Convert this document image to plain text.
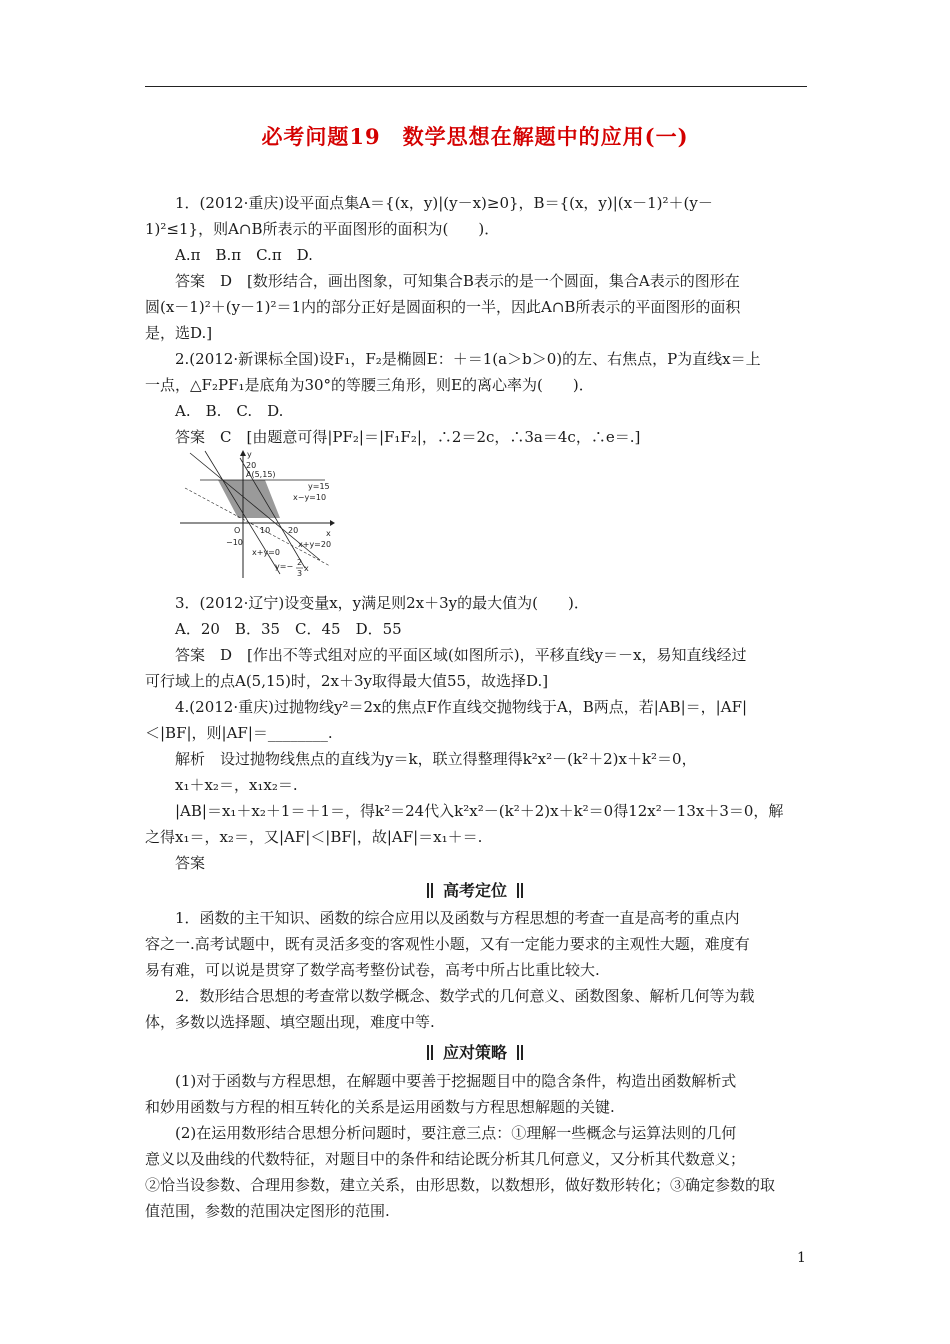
必考问题19　数学思想在解题中的应用(一)
1．(2012·重庆)设平面点集A＝{(x，y)|(y－x)≥0}，B＝{(x，y)|(x－1)²＋(y－
1)²≤1}，则A∩B所表示的平面图形的面积为(　　)．
A.π　B.π　C.π　D.
答案　D　[数形结合，画出图象，可知集合B表示的是一个圆面，集合A表示的图形在
圆(x－1)²＋(y－1)²＝1内的部分正好是圆面积的一半，因此A∩B所表示的平面图形的面积
是，选D.]
2.(2012·新课标全国)设F₁，F₂是椭圆E：＋＝1(a＞b＞0)的左、右焦点，P为直线x＝上
一点，△F₂PF₁是底角为30°的等腰三角形，则E的离心率为(　　)．
A.　B.　C.　D.
答案　C　[由题意可得|PF₂|＝|F₁F₂|，∴2＝2c，∴3a＝4c，∴e＝.]
y
x
O
A(5,15)
20
10 20
−10
y=15
x−y=10
x+y=20
x+y=0
y=− 2
3
x
3．(2012·辽宁)设变量x，y满足则2x＋3y的最大值为(　　)．
A．20　B．35　C．45　D．55
答案　D　[作出不等式组对应的平面区域(如图所示)，平移直线y＝－x，易知直线经过
可行域上的点A(5,15)时，2x＋3y取得最大值55，故选择D.]
4.(2012·重庆)过抛物线y²＝2x的焦点F作直线交抛物线于A，B两点，若|AB|＝，|AF|
＜|BF|，则|AF|＝________.
解析　设过抛物线焦点的直线为y＝k，联立得整理得k²x²－(k²＋2)x＋k²＝0，
x₁＋x₂＝，x₁x₂＝.
|AB|＝x₁＋x₂＋1＝＋1＝，得k²＝24代入k²x²－(k²＋2)x＋k²＝0得12x²－13x＋3＝0，解
之得x₁＝，x₂＝，又|AF|＜|BF|，故|AF|＝x₁＋＝.
答案
高考定位
1．函数的主干知识、函数的综合应用以及函数与方程思想的考查一直是高考的重点内
容之一.高考试题中，既有灵活多变的客观性小题，又有一定能力要求的主观性大题，难度有
易有难，可以说是贯穿了数学高考整份试卷，高考中所占比重比较大.
2．数形结合思想的考查常以数学概念、数学式的几何意义、函数图象、解析几何等为载
体，多数以选择题、填空题出现，难度中等.
应对策略
(1)对于函数与方程思想，在解题中要善于挖掘题目中的隐含条件，构造出函数解析式
和妙用函数与方程的相互转化的关系是运用函数与方程思想解题的关键.
(2)在运用数形结合思想分析问题时，要注意三点：①理解一些概念与运算法则的几何
意义以及曲线的代数特征，对题目中的条件和结论既分析其几何意义，又分析其代数意义；
②恰当设参数、合理用参数，建立关系，由形思数，以数想形，做好数形转化；③确定参数的取
值范围，参数的范围决定图形的范围.
1
